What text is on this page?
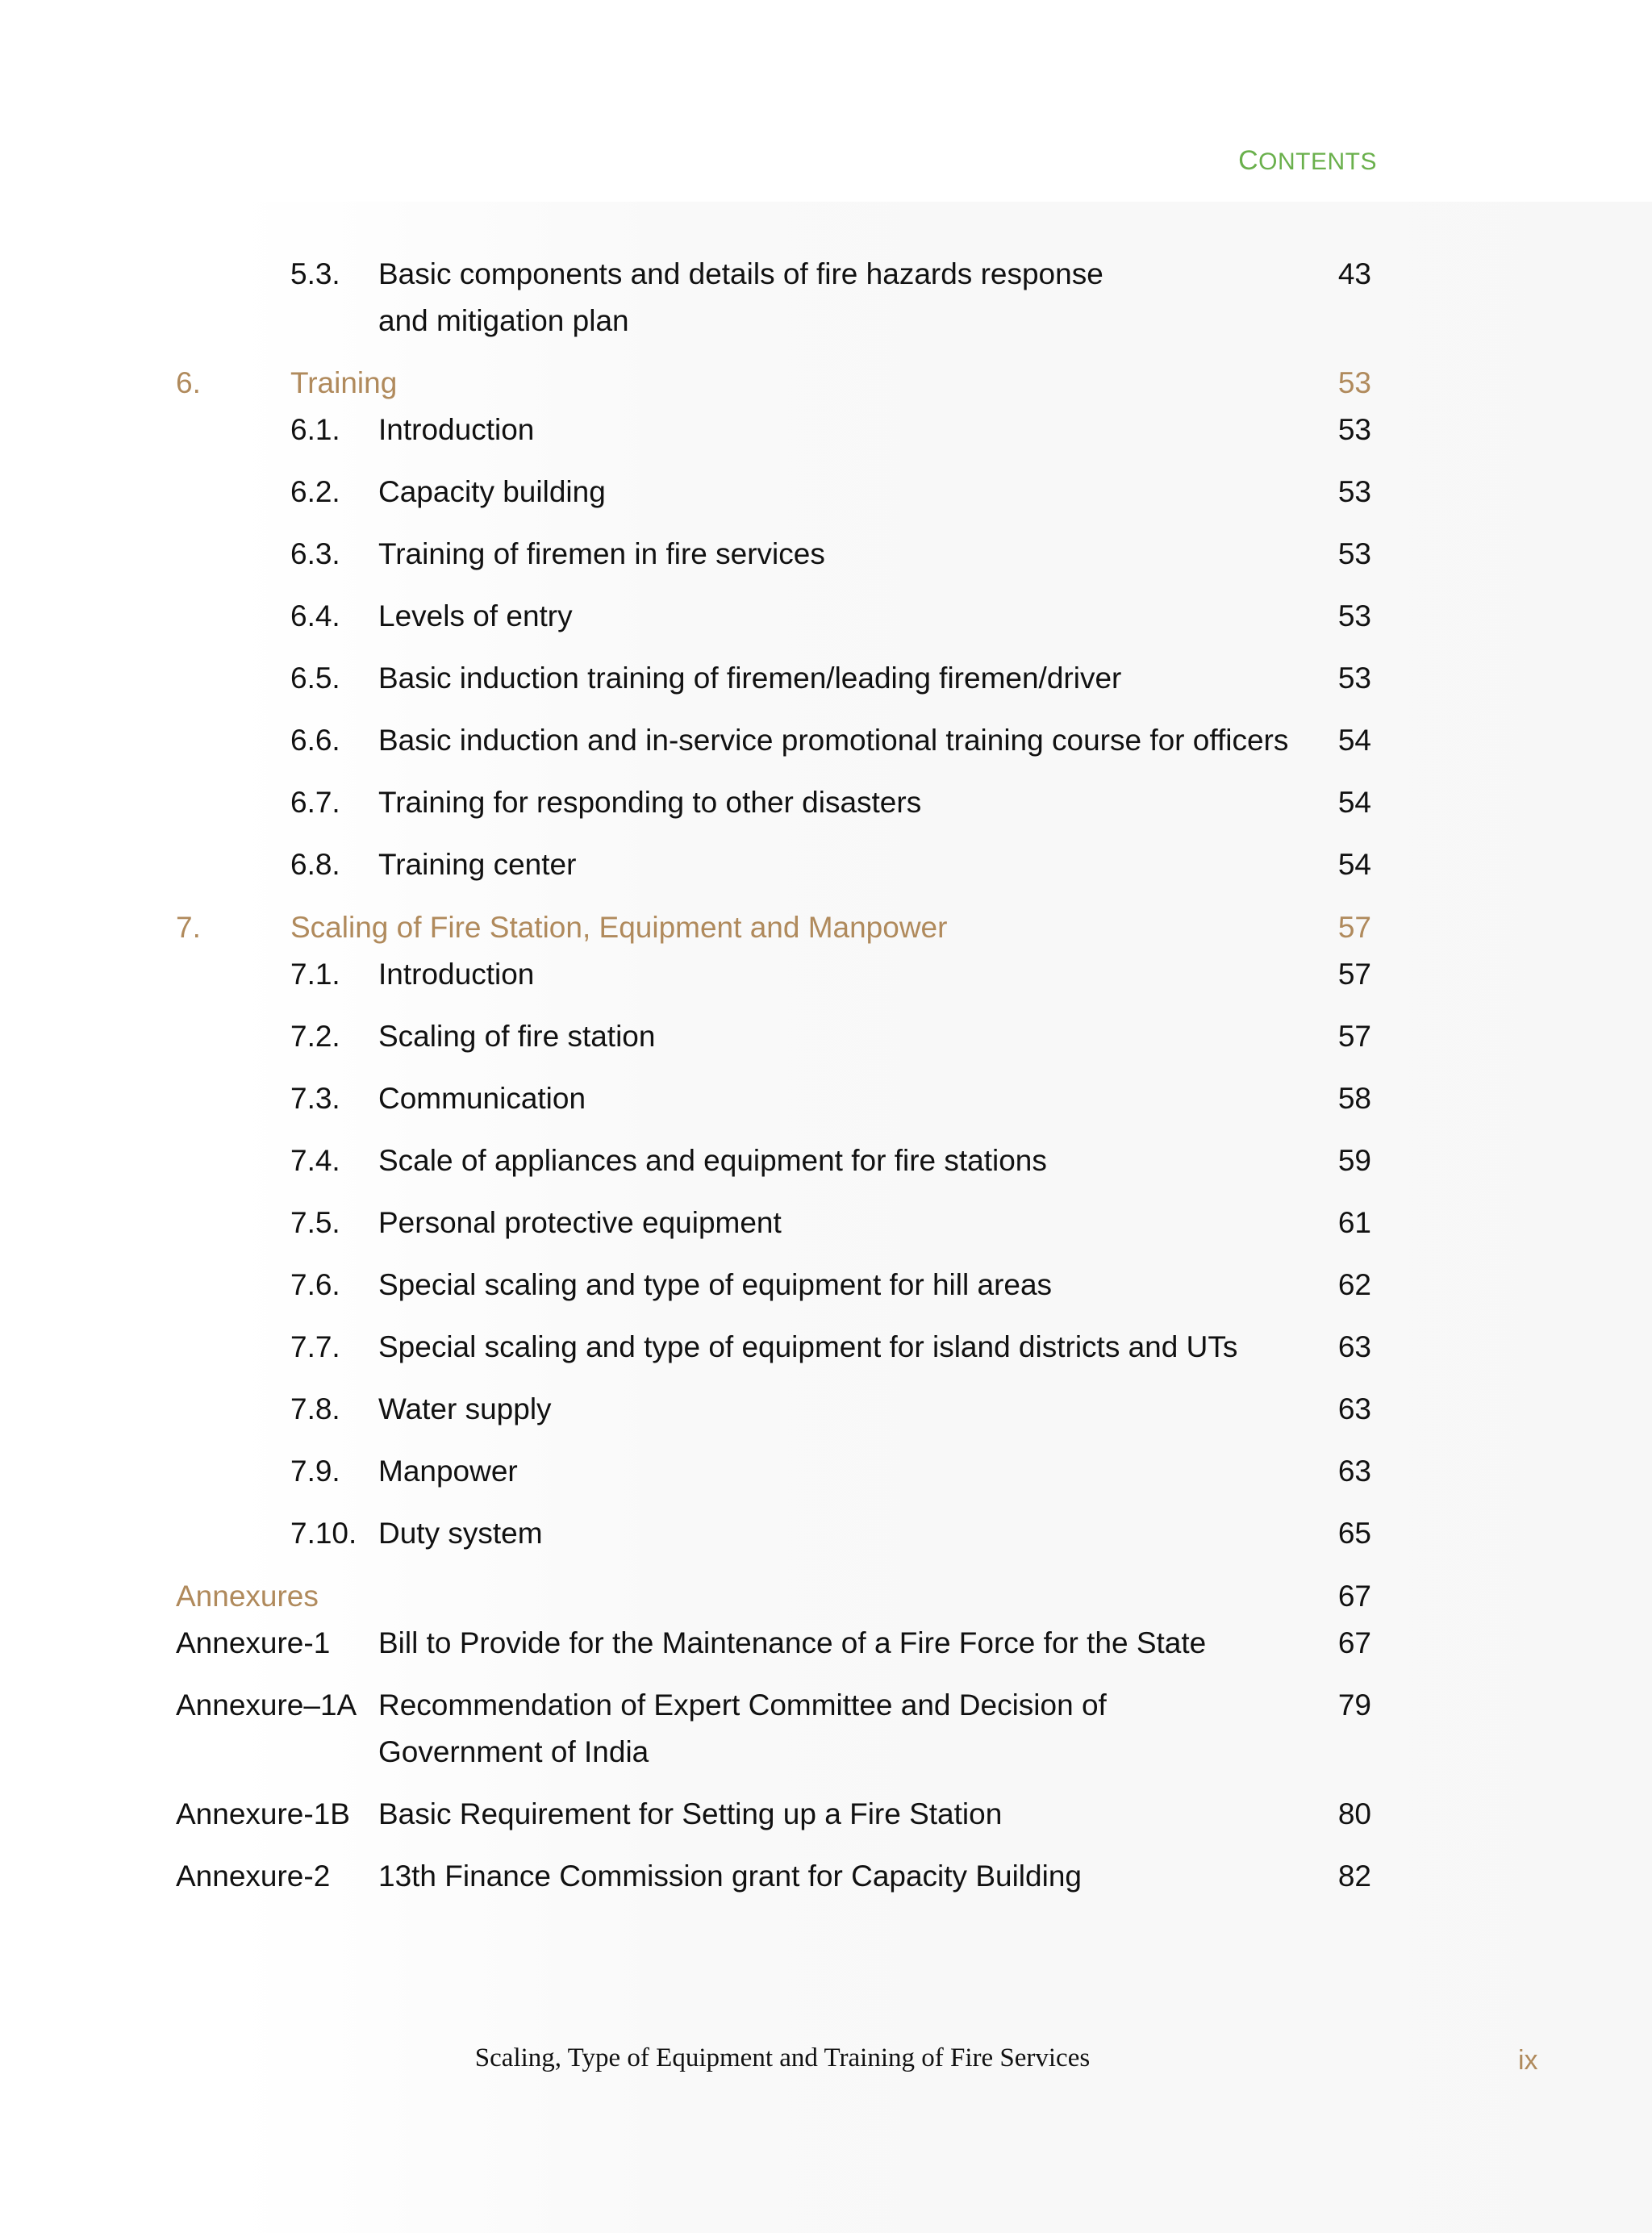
CONTENTS
5.3. Basic components and details of fire hazards response	43
and mitigation plan
6.	Training	53
6.1. Introduction	53
6.2. Capacity building	53
6.3. Training of firemen in fire services	53
6.4. Levels of entry	53
6.5. Basic induction training of firemen/leading firemen/driver	53
6.6. Basic induction and in-service promotional training course for officers	54
6.7. Training for responding to other disasters	54
6.8. Training center	54
7.	Scaling of Fire Station, Equipment and Manpower	57
7.1. Introduction	57
7.2. Scaling of fire station	57
7.3. Communication	58
7.4. Scale of appliances and equipment for fire stations	59
7.5. Personal protective equipment	61
7.6. Special scaling and type of equipment for hill areas	62
7.7. Special scaling and type of equipment for island districts and UTs	63
7.8. Water supply	63
7.9. Manpower	63
7.10. Duty system	65
Annexures	67
Annexure-1 Bill to Provide for the Maintenance of a Fire Force for the State	67
Annexure–1A Recommendation of Expert Committee and Decision of	79
Government of India
Annexure-1B Basic Requirement for Setting up a Fire Station	80
Annexure-2 13th Finance Commission grant for Capacity Building	82
Scaling, Type of Equipment and Training of Fire Services	ix
